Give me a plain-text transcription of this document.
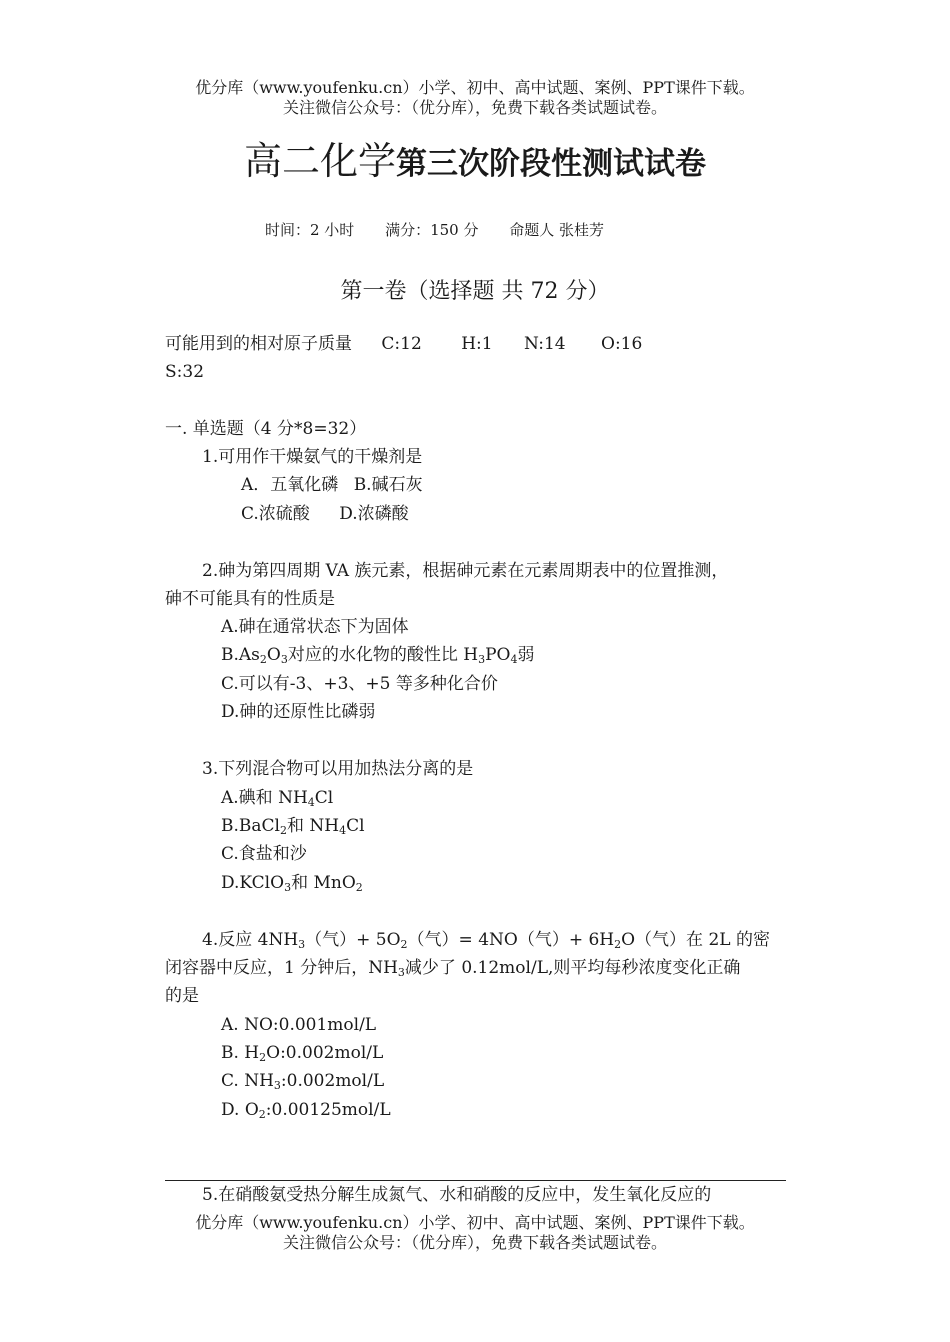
优分库（www.youfenku.cn）小学、初中、高中试题、案例、PPT课件下载。
关注微信公众号：（优分库），免费下载各类试题试卷。
高二化学第三次阶段性测试试卷
时间：2 小时 满分：150 分 命题人 张桂芳
第一卷（选择题 共 72 分）
可能用到的相对原子质量 C:12 H:1 N:14 O:16
S:32
一. 单选题（4 分*8=32）
1.可用作干燥氨气的干燥剂是
A．五氧化磷 B.碱石灰
C.浓硫酸 D.浓磷酸
2.砷为第四周期 VA 族元素，根据砷元素在元素周期表中的位置推测，
砷不可能具有的性质是
A.砷在通常状态下为固体
$B.As_2O_3$对应的水化物的酸性比 $H_3PO_4$弱
C.可以有-3、+3、+5 等多种化合价
D.砷的还原性比磷弱
3.下列混合物可以用加热法分离的是
A.碘和 $NH_4Cl$
B.BaCl$_2$和 $NH_4Cl$
C.食盐和沙
D.KClO$_3$和 MnO$_2$
4.反应 $4NH_3$（气）+ $5O_2$（气）= 4NO（气）+ $6H_2O$（气）在 2L 的密
闭容器中反应，1 分钟后，$NH_3$减少了 0.12mol/L,则平均每秒浓度变化正确
的是
A. NO:0.001mol/L
B. $H_2O:0.002mol/L$
C. $NH_3:0.002mol/L$
D. $O_2:0.00125mol/L$
5.在硝酸氨受热分解生成氮气、水和硝酸的反应中，发生氧化反应的
优分库（www.youfenku.cn）小学、初中、高中试题、案例、PPT课件下载。
关注微信公众号：（优分库），免费下载各类试题试卷。
